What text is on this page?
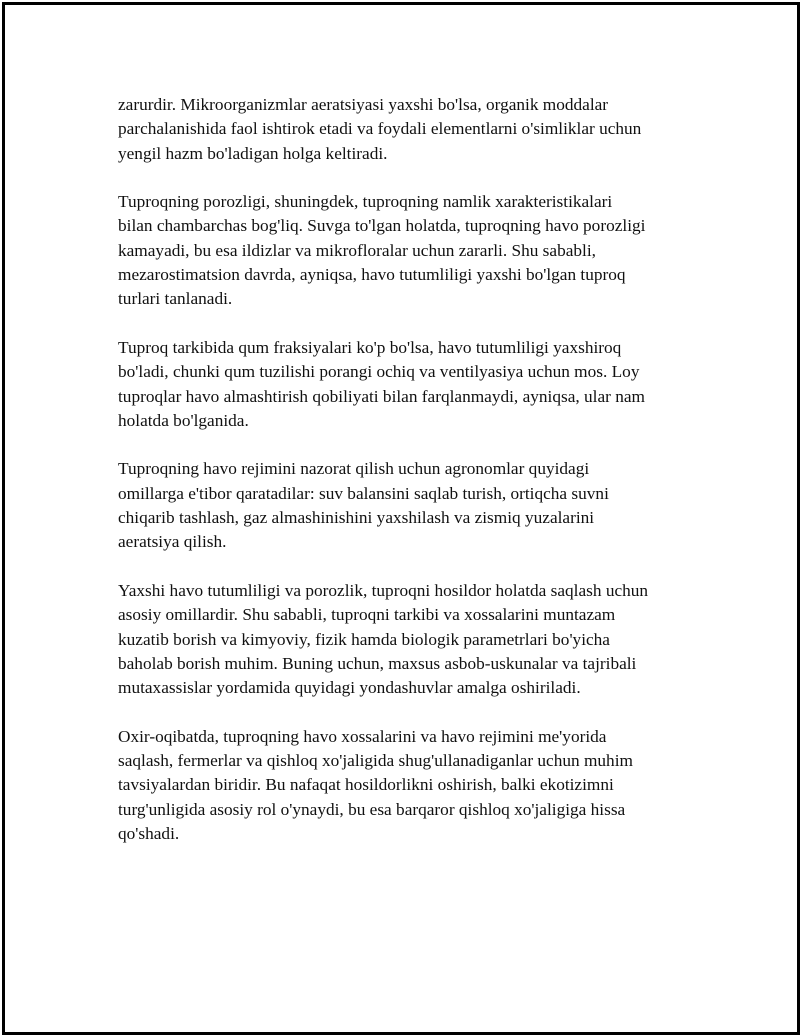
zarurdir. Mikroorganizmlar aeratsiyasi yaxshi bo'lsa, organik moddalar
parchalanishida faol ishtirok etadi va foydali elementlarni o'simliklar uchun
yengil hazm bo'ladigan holga keltiradi.

Tuproqning porozligi, shuningdek, tuproqning namlik xarakteristikalari
bilan chambarchas bog'liq. Suvga to'lgan holatda, tuproqning havo porozligi
kamayadi, bu esa ildizlar va mikrofloralar uchun zararli. Shu sababli,
mezarostimatsion davrda, ayniqsa, havo tutumliligi yaxshi bo'lgan tuproq
turlari tanlanadi.

Tuproq tarkibida qum fraksiyalari ko'p bo'lsa, havo tutumliligi yaxshiroq
bo'ladi, chunki qum tuzilishi porangi ochiq va ventilyasiya uchun mos. Loy
tuproqlar havo almashtirish qobiliyati bilan farqlanmaydi, ayniqsa, ular nam
holatda bo'lganida.

Tuproqning havo rejimini nazorat qilish uchun agronomlar quyidagi
omillarga e'tibor qaratadilar: suv balansini saqlab turish, ortiqcha suvni
chiqarib tashlash, gaz almashinishini yaxshilash va zismiq yuzalarini
aeratsiya qilish.

Yaxshi havo tutumliligi va porozlik, tuproqni hosildor holatda saqlash uchun
asosiy omillardir. Shu sababli, tuproqni tarkibi va xossalarini muntazam
kuzatib borish va kimyoviy, fizik hamda biologik parametrlari bo'yicha
baholab borish muhim. Buning uchun, maxsus asbob-uskunalar va tajribali
mutaxassislar yordamida quyidagi yondashuvlar amalga oshiriladi.

Oxir-oqibatda, tuproqning havo xossalarini va havo rejimini me'yorida
saqlash, fermerlar va qishloq xo'jaligida shug'ullanadiganlar uchun muhim
tavsiyalardan biridir. Bu nafaqat hosildorlikni oshirish, balki ekotizimni
turg'unligida asosiy rol o'ynaydi, bu esa barqaror qishloq xo'jaligiga hissa
qo'shadi.
